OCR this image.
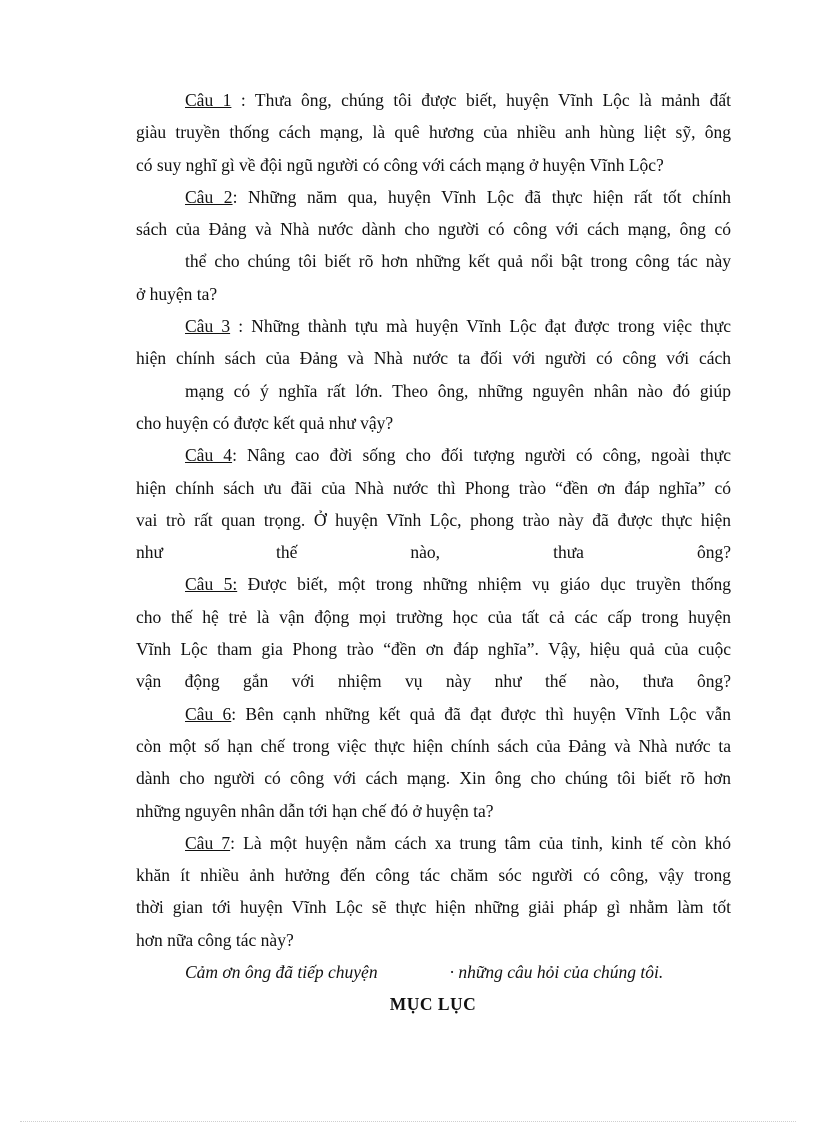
Câu 1 : Thưa ông, chúng tôi được biết, huyện Vĩnh Lộc là mảnh đất
giàu truyền thống cách mạng, là quê hương của nhiều anh hùng liệt sỹ, ông
có suy nghĩ gì về đội ngũ người có công với cách mạng ở huyện Vĩnh Lộc?
Câu 2: Những năm qua, huyện Vĩnh Lộc đã thực hiện rất tốt chính
sách của Đảng và Nhà nước dành cho người có công với cách mạng, ông có
thể cho chúng tôi biết rõ hơn những kết quả nổi bật trong công tác này
ở huyện ta?
Câu 3 : Những thành tựu mà huyện Vĩnh Lộc đạt được trong việc thực
hiện chính sách của Đảng và Nhà nước ta đối với người có công với cách
mạng có ý nghĩa rất lớn. Theo ông, những nguyên nhân nào đó giúp
cho huyện có được kết quả như vậy?
Câu 4: Nâng cao đời sống cho đối tượng người có công, ngoài thực
hiện chính sách ưu đãi của Nhà nước thì Phong trào “đền ơn đáp nghĩa” có
vai trò rất quan trọng. Ở huyện Vĩnh Lộc, phong trào này đã được thực hiện
như thế nào, thưa ông?
Câu 5: Được biết, một trong những nhiệm vụ giáo dục truyền thống
cho thế hệ trẻ là vận động mọi trường học của tất cả các cấp trong huyện
Vĩnh Lộc tham gia Phong trào “đền ơn đáp nghĩa”. Vậy, hiệu quả của cuộc
vận động gắn với nhiệm vụ này như thế nào, thưa ông?
Câu 6: Bên cạnh những kết quả đã đạt được thì huyện Vĩnh Lộc vẫn
còn một số hạn chế trong việc thực hiện chính sách của Đảng và Nhà nước ta
dành cho người có công với cách mạng. Xin ông cho chúng tôi biết rõ hơn
những nguyên nhân dẫn tới hạn chế đó ở huyện ta?
Câu 7: Là một huyện nằm cách xa trung tâm của tỉnh, kinh tế còn khó
khăn ít nhiều ảnh hưởng đến công tác chăm sóc người có công, vậy trong
thời gian tới huyện Vĩnh Lộc sẽ thực hiện những giải pháp gì nhằm làm tốt
hơn nữa công tác này?

Cảm ơn ông đã tiếp chuyện	· những câu hỏi của chúng tôi.

MỤC LỤC
